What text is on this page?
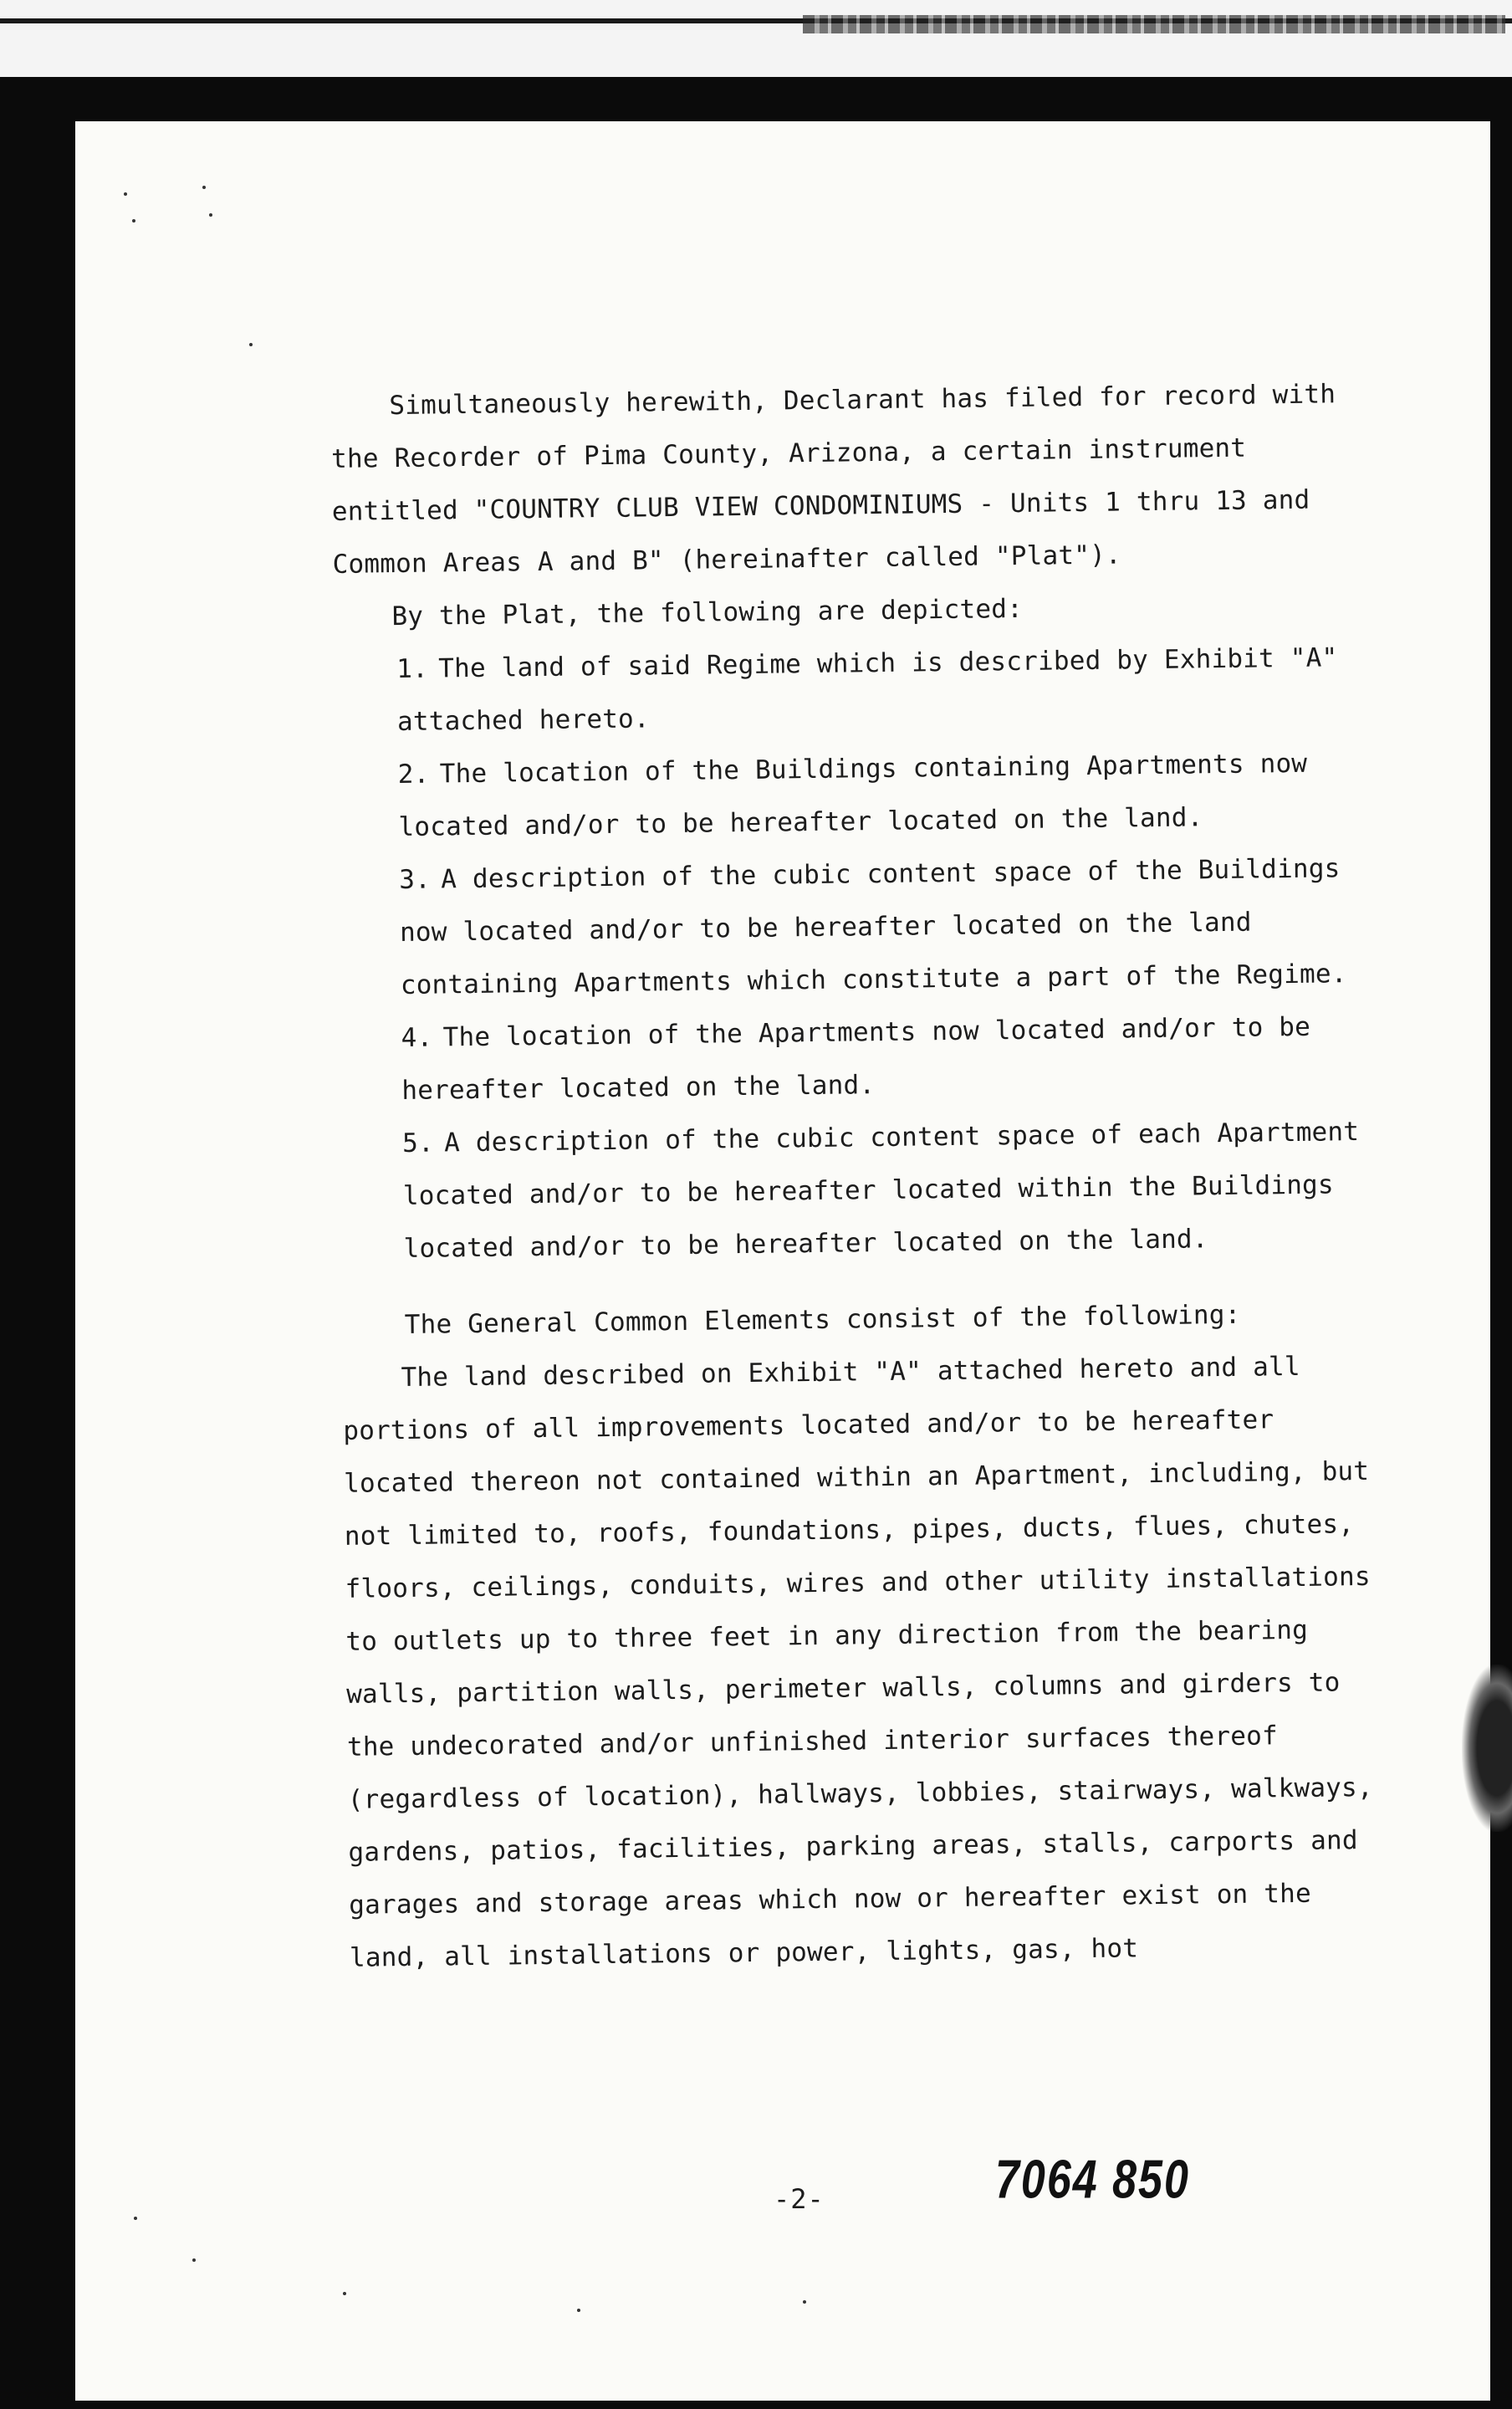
Simultaneously herewith, Declarant has filed for record with the Recorder of Pima County, Arizona, a certain instrument entitled "COUNTRY CLUB VIEW CONDOMINIUMS - Units 1 thru 13 and Common Areas A and B" (hereinafter called "Plat").

By the Plat, the following are depicted:

1. The land of said Regime which is described by Exhibit "A" attached hereto.

2. The location of the Buildings containing Apartments now located and/or to be hereafter located on the land.

3. A description of the cubic content space of the Buildings now located and/or to be hereafter located on the land containing Apartments which constitute a part of the Regime.

4. The location of the Apartments now located and/or to be hereafter located on the land.

5. A description of the cubic content space of each Apartment located and/or to be hereafter located within the Buildings located and/or to be hereafter located on the land.

The General Common Elements consist of the following:

The land described on Exhibit "A" attached hereto and all portions of all improvements located and/or to be hereafter located thereon not contained within an Apartment, including, but not limited to, roofs, foundations, pipes, ducts, flues, chutes, floors, ceilings, conduits, wires and other utility installations to outlets up to three feet in any direction from the bearing walls, partition walls, perimeter walls, columns and girders to the undecorated and/or unfinished interior surfaces thereof (regardless of location), hallways, lobbies, stairways, walkways, gardens, patios, facilities, parking areas, stalls, carports and garages and storage areas which now or hereafter exist on the land, all installations or power, lights, gas, hot

-2-	7064 850
